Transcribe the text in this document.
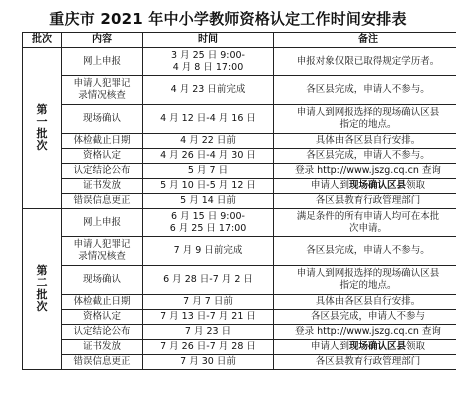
重庆市 2021 年中小学教师资格认定工作时间安排表
批次	内容	时间	备注

第
一
批
次	网上申报	3 月 25 日 9:00-
4 月 8 日 17:00	申报对象仅限已取得规定学历者。
	申请人犯罪记
录情况核查	4 月 23 日前完成	各区县完成，申请人不参与。
	现场确认	4 月 12 日-4 月 16 日	申请人到网报选择的现场确认区县
指定的地点。
	体检截止日期	4 月 22 日前	具体由各区县自行安排。
	资格认定	4 月 26 日-4 月 30 日	各区县完成，申请人不参与。
	认定结论公布	5 月 7 日	登录 http://www.jszg.cq.cn 查询
	证书发放	5 月 10 日-5 月 12 日	申请人到现场确认区县领取
	错误信息更正	5 月 14 日前	各区县教育行政管理部门

第
二
批
次	网上申报	6 月 15 日 9:00-
6 月 25 日 17:00	满足条件的所有申请人均可在本批
次申请。
	申请人犯罪记
录情况核查	7 月 9 日前完成	各区县完成，申请人不参与。
	现场确认	6 月 28 日-7 月 2 日	申请人到网报选择的现场确认区县
指定的地点。
	体检截止日期	7 月 7 日前	具体由各区县自行安排。
	资格认定	7 月 13 日-7 月 21 日	各区县完成，申请人不参与
	认定结论公布	7 月 23 日	登录 http://www.jszg.cq.cn 查询
	证书发放	7 月 26 日-7 月 28 日	申请人到现场确认区县领取
	错误信息更正	7 月 30 日前	各区县教育行政管理部门
